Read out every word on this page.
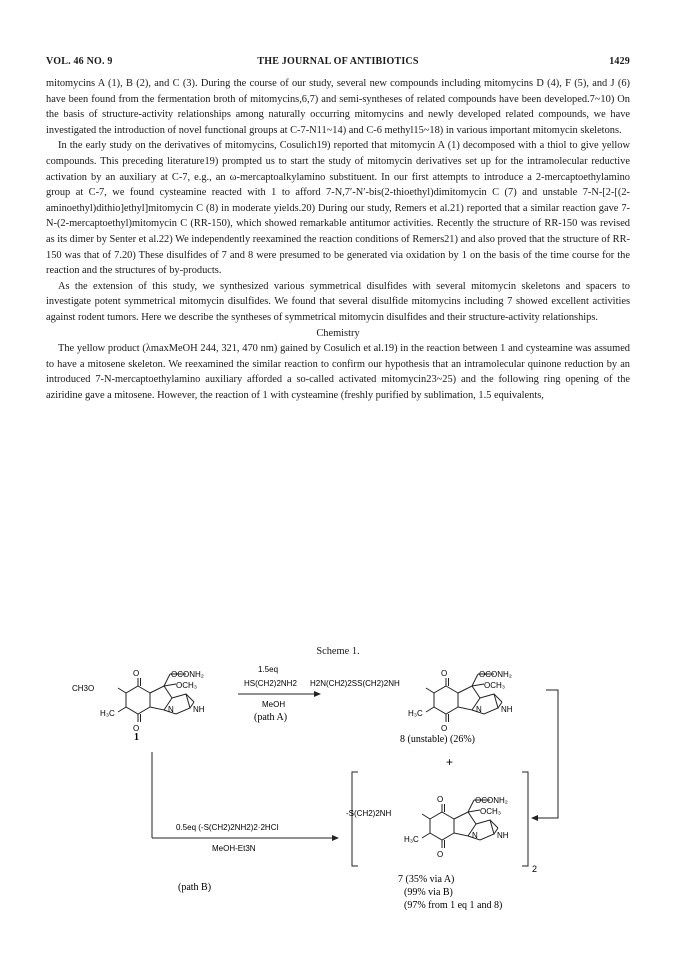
VOL. 46 NO. 9	THE JOURNAL OF ANTIBIOTICS	1429

mitomycins A (1), B (2), and C (3). During the course of our study, several new compounds including mitomycins D (4), F (5), and J (6) have been found from the fermentation broth of mitomycins,6,7) and semi-syntheses of related compounds have been developed.7~10) On the basis of structure-activity relationships among naturally occurring mitomycins and newly developed related compounds, we have investigated the introduction of novel functional groups at C-7-N11~14) and C-6 methyl15~18) in various important mitomycin skeletons.

In the early study on the derivatives of mitomycins, Cosulich19) reported that mitomycin A (1) decomposed with a thiol to give yellow compounds. This preceding literature19) prompted us to start the study of mitomycin derivatives set up for the intramolecular reductive activation by an auxiliary at C-7, e.g., an ω-mercaptoalkylamino substituent. In our first attempts to introduce a 2-mercaptoethylamino group at C-7, we found cysteamine reacted with 1 to afford 7-N,7′-N′-bis(2-thioethyl)dimitomycin C (7) and unstable 7-N-[2-[(2-aminoethyl)dithio]ethyl]mitomycin C (8) in moderate yields.20) During our study, Remers et al.21) reported that a similar reaction gave 7-N-(2-mercaptoethyl)mitomycin C (RR-150), which showed remarkable antitumor activities. Recently the structure of RR-150 was revised as its dimer by Senter et al.22) We independently reexamined the reaction conditions of Remers21) and also proved that the structure of RR-150 was that of 7.20) These disulfides of 7 and 8 were presumed to be generated via oxidation by 1 on the basis of the time course for the reaction and the structures of by-products.

As the extension of this study, we synthesized various symmetrical disulfides with several mitomycin skeletons and spacers to investigate potent symmetrical mitomycin disulfides. We found that several disulfide mitomycins including 7 showed excellent activities against rodent tumors. Here we describe the syntheses of symmetrical mitomycin disulfides and their structure-activity relationships.

Chemistry

The yellow product (λmaxMeOH 244, 321, 470 nm) gained by Cosulich et al.19) in the reaction between 1 and cysteamine was assumed to have a mitosene skeleton. We reexamined the similar reaction to confirm our hypothesis that an intramolecular quinone reduction by an introduced 7-N-mercaptoethylamino auxiliary afforded a so-called activated mitomycin23~25) and the following ring opening of the aziridine gave a mitosene. However, the reaction of 1 with cysteamine (freshly purified by sublimation, 1.5 equivalents,

Scheme 1.
O
O
OCONH₂
OCH₃
N NH
H₃C
CH3O
1
1.5eq
HS(CH2)2NH2
MeOH
(path A)
H2N(CH2)2SS(CH2)2NH
O
O
OCONH₂
OCH₃
N NH
H₃C
8 (unstable) (26%)
+
0.5eq (-S(CH2)2NH2)2·2HCl
MeOH-Et3N
(path B)
2
-S(CH2)2NH
O
O
OCONH₂
OCH₃
N NH
H₃C
7 (35% via A)
(99% via B)
(97% from 1 eq 1 and 8)
